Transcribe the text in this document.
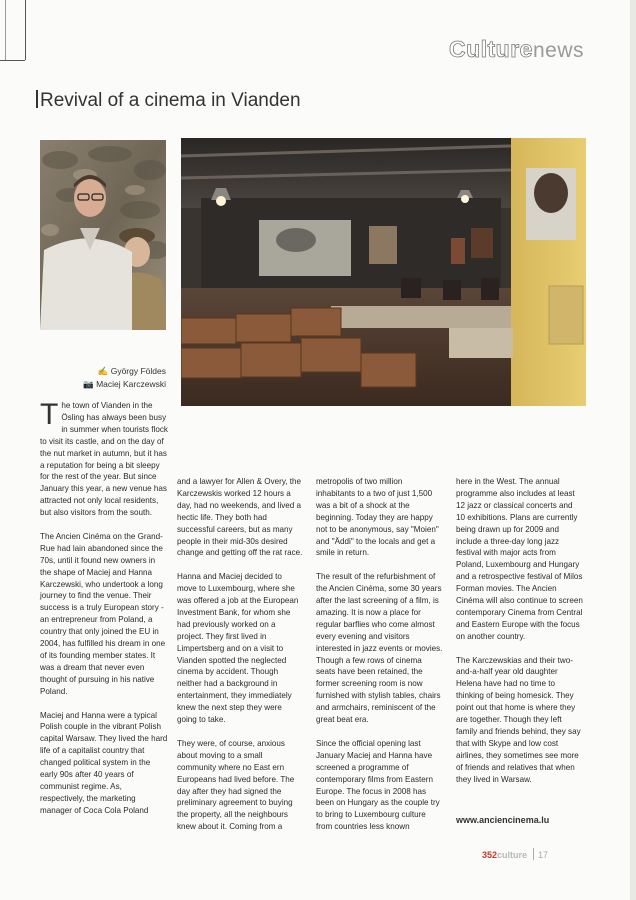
Culturenews
Revival of a cinema in Vianden
✍ György Földes
📷 Maciej Karczewski

The town of Vianden in the Ösling has always been busy in summer when tourists flock to visit its castle, and on the day of the nut market in autumn, but it has a reputation for being a bit sleepy for the rest of the year. But since January this year, a new venue has attracted not only local residents, but also visitors from the south.

The Ancien Cinéma on the Grand-Rue had lain abandoned since the 70s, until it found new owners in the shape of Maciej and Hanna Karczewski, who undertook a long journey to find the venue. Their success is a truly European story - an entrepreneur from Poland, a country that only joined the EU in 2004, has fulfilled his dream in one of its founding member states. It was a dream that never even thought of pursuing in his native Poland.

Maciej and Hanna were a typical Polish couple in the vibrant Polish capital Warsaw. They lived the hard life of a capitalist country that changed political system in the early 90s after 40 years of communist regime. As, respectively, the marketing manager of Coca Cola Poland

and a lawyer for Allen & Overy, the Karczewskis worked 12 hours a day, had no weekends, and lived a hectic life. They both had successful careers, but as many people in their mid-30s desired change and getting off the rat race.

Hanna and Maciej decided to move to Luxembourg, where she was offered a job at the European Investment Bank, for whom she had previously worked on a project. They first lived in Limpertsberg and on a visit to Vianden spotted the neglected cinema by accident. Though neither had a background in entertainment, they immediately knew the next step they were going to take.

They were, of course, anxious about moving to a small community where no East ern Europeans had lived before. The day after they had signed the preliminary agreement to buying the property, all the neighbours knew about it. Coming from a

metropolis of two million inhabitants to a two of just 1,500 was a bit of a shock at the beginning. Today they are happy not to be anonymous, say "Moien" and "Äddi" to the locals and get a smile in return.

The result of the refurbishment of the Ancien Cinéma, some 30 years after the last screening of a film, is amazing. It is now a place for regular barflies who come almost every evening and visitors interested in jazz events or movies. Though a few rows of cinema seats have been retained, the former screening room is now furnished with stylish tables, chairs and armchairs, reminiscent of the great beat era.

Since the official opening last January Maciej and Hanna have screened a programme of contemporary films from Eastern Europe. The focus in 2008 has been on Hungary as the couple try to bring to Luxembourg culture from countries less known

here in the West. The annual programme also includes at least 12 jazz or classical concerts and 10 exhibitions. Plans are currently being drawn up for 2009 and include a three-day long jazz festival with major acts from Poland, Luxembourg and Hungary and a retrospective festival of Milos Forman movies. The Ancien Cinéma will also continue to screen contemporary Cinema from Central and Eastern Europe with the focus on another country.

The Karczewskias and their two-and-a-half year old daughter Helena have had no time to thinking of being homesick. They point out that home is where they are together. Though they left family and friends behind, they say that with Skype and low cost airlines, they sometimes see more of friends and relatives that when they lived in Warsaw.

www.anciencinema.lu
352culture 17
